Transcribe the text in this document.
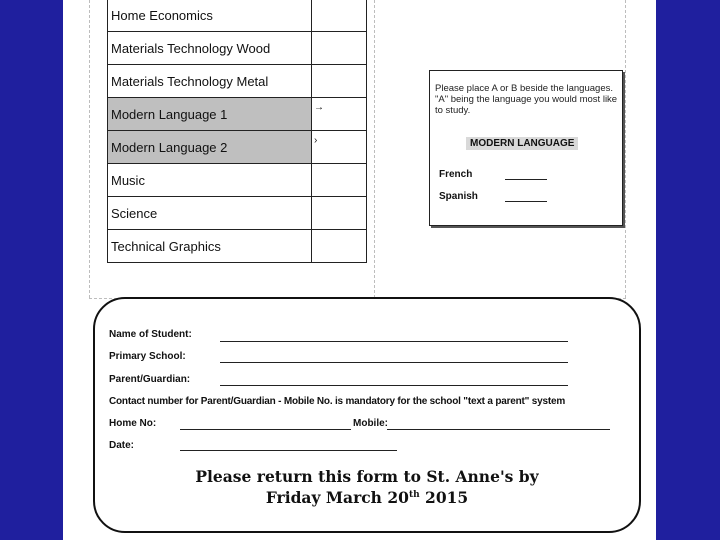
Home Economics	
Materials Technology Wood	
Materials Technology Metal	
Modern Language 1	→
Modern Language 2	›
Music	
Science	
Technical Graphics	
Please place A or B beside the languages. "A" being the language you would most like to study.
MODERN LANGUAGE
French
Spanish
Name of Student:
Primary School:
Parent/Guardian:
Contact number for Parent/Guardian - Mobile No. is mandatory for the school "text a parent" system
Home No:	Mobile:
Date:
Please return this form to St. Anne's by
Friday March 20th 2015
